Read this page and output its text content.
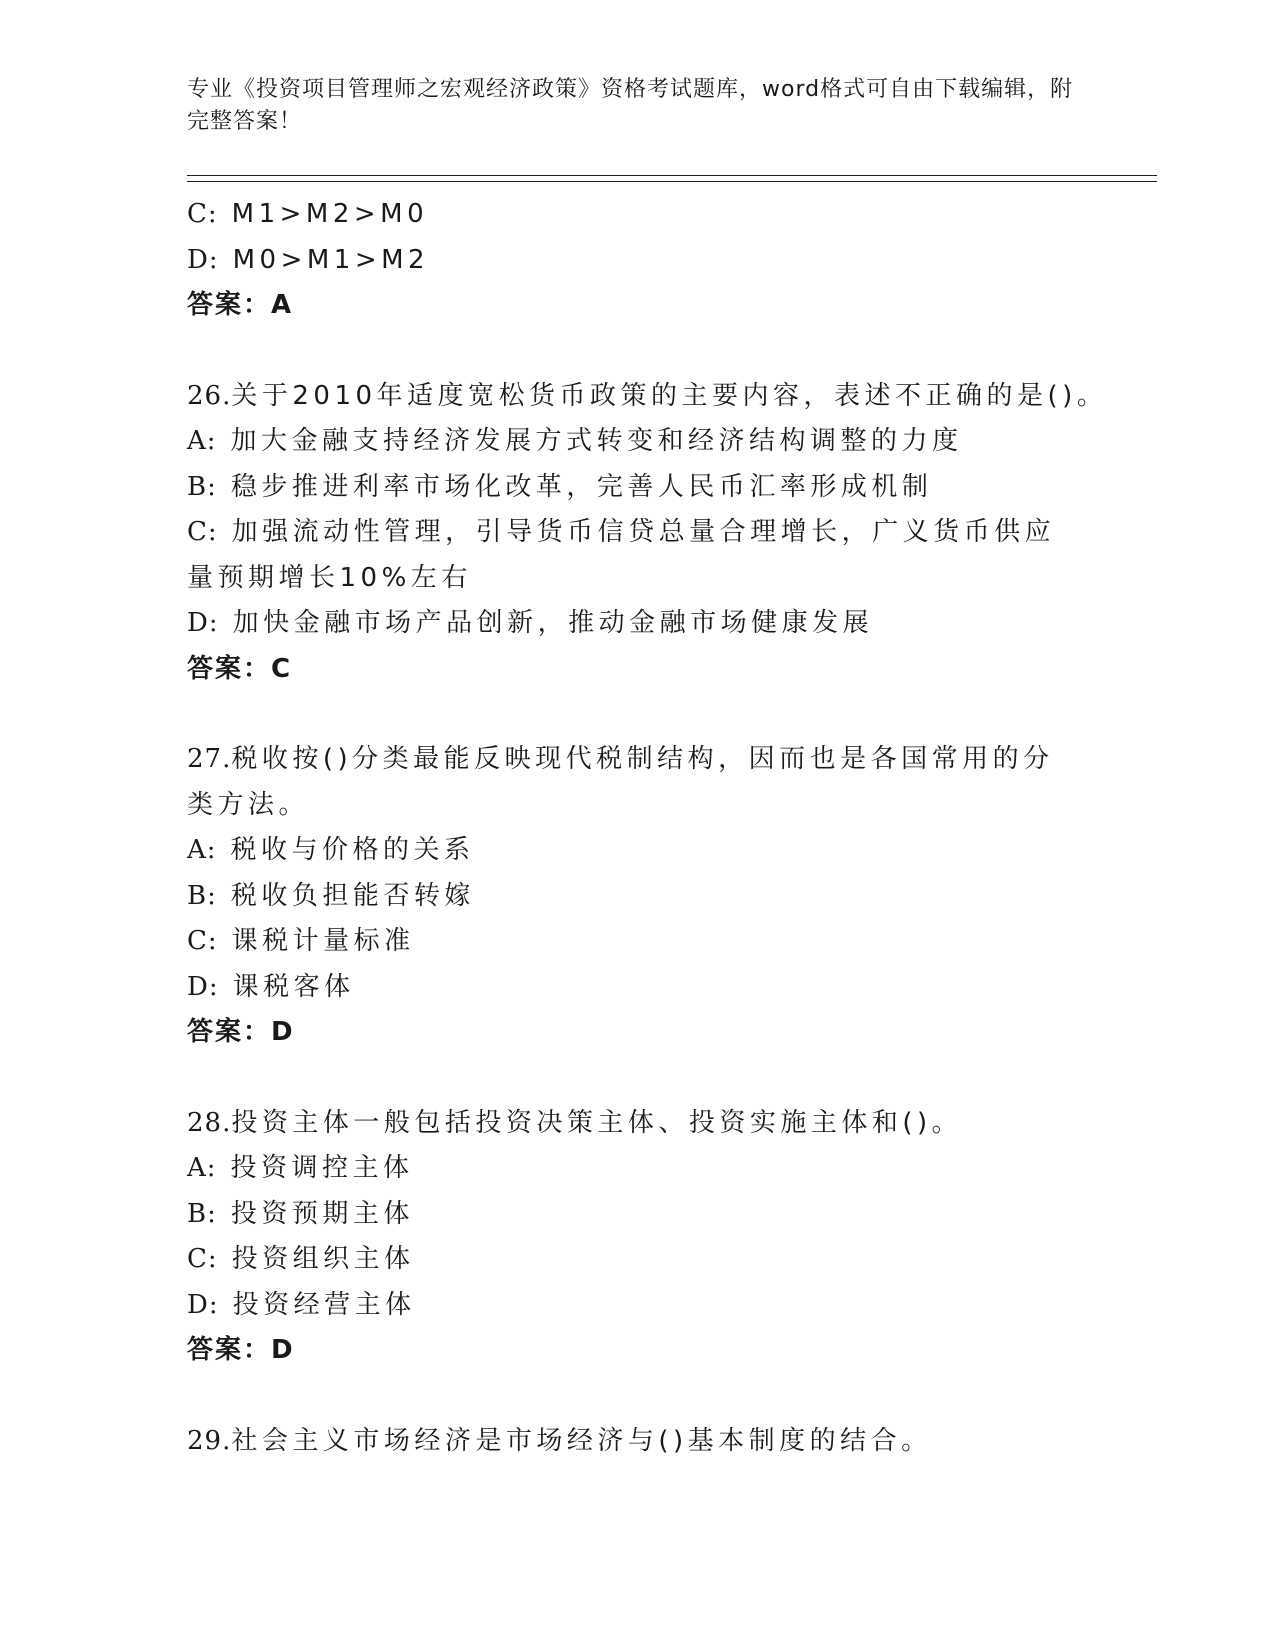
专业《投资项目管理师之宏观经济政策》资格考试题库，word格式可自由下载编辑，附完整答案！
C: M1>M2>M0
D: M0>M1>M2
答案：A
26.关于2010年适度宽松货币政策的主要内容，表述不正确的是()。
A: 加大金融支持经济发展方式转变和经济结构调整的力度
B: 稳步推进利率市场化改革，完善人民币汇率形成机制
C: 加强流动性管理，引导货币信贷总量合理增长，广义货币供应量预期增长10%左右
D: 加快金融市场产品创新，推动金融市场健康发展
答案：C
27.税收按()分类最能反映现代税制结构，因而也是各国常用的分类方法。
A: 税收与价格的关系
B: 税收负担能否转嫁
C: 课税计量标准
D: 课税客体
答案：D
28.投资主体一般包括投资决策主体、投资实施主体和()。
A: 投资调控主体
B: 投资预期主体
C: 投资组织主体
D: 投资经营主体
答案：D
29.社会主义市场经济是市场经济与()基本制度的结合。
